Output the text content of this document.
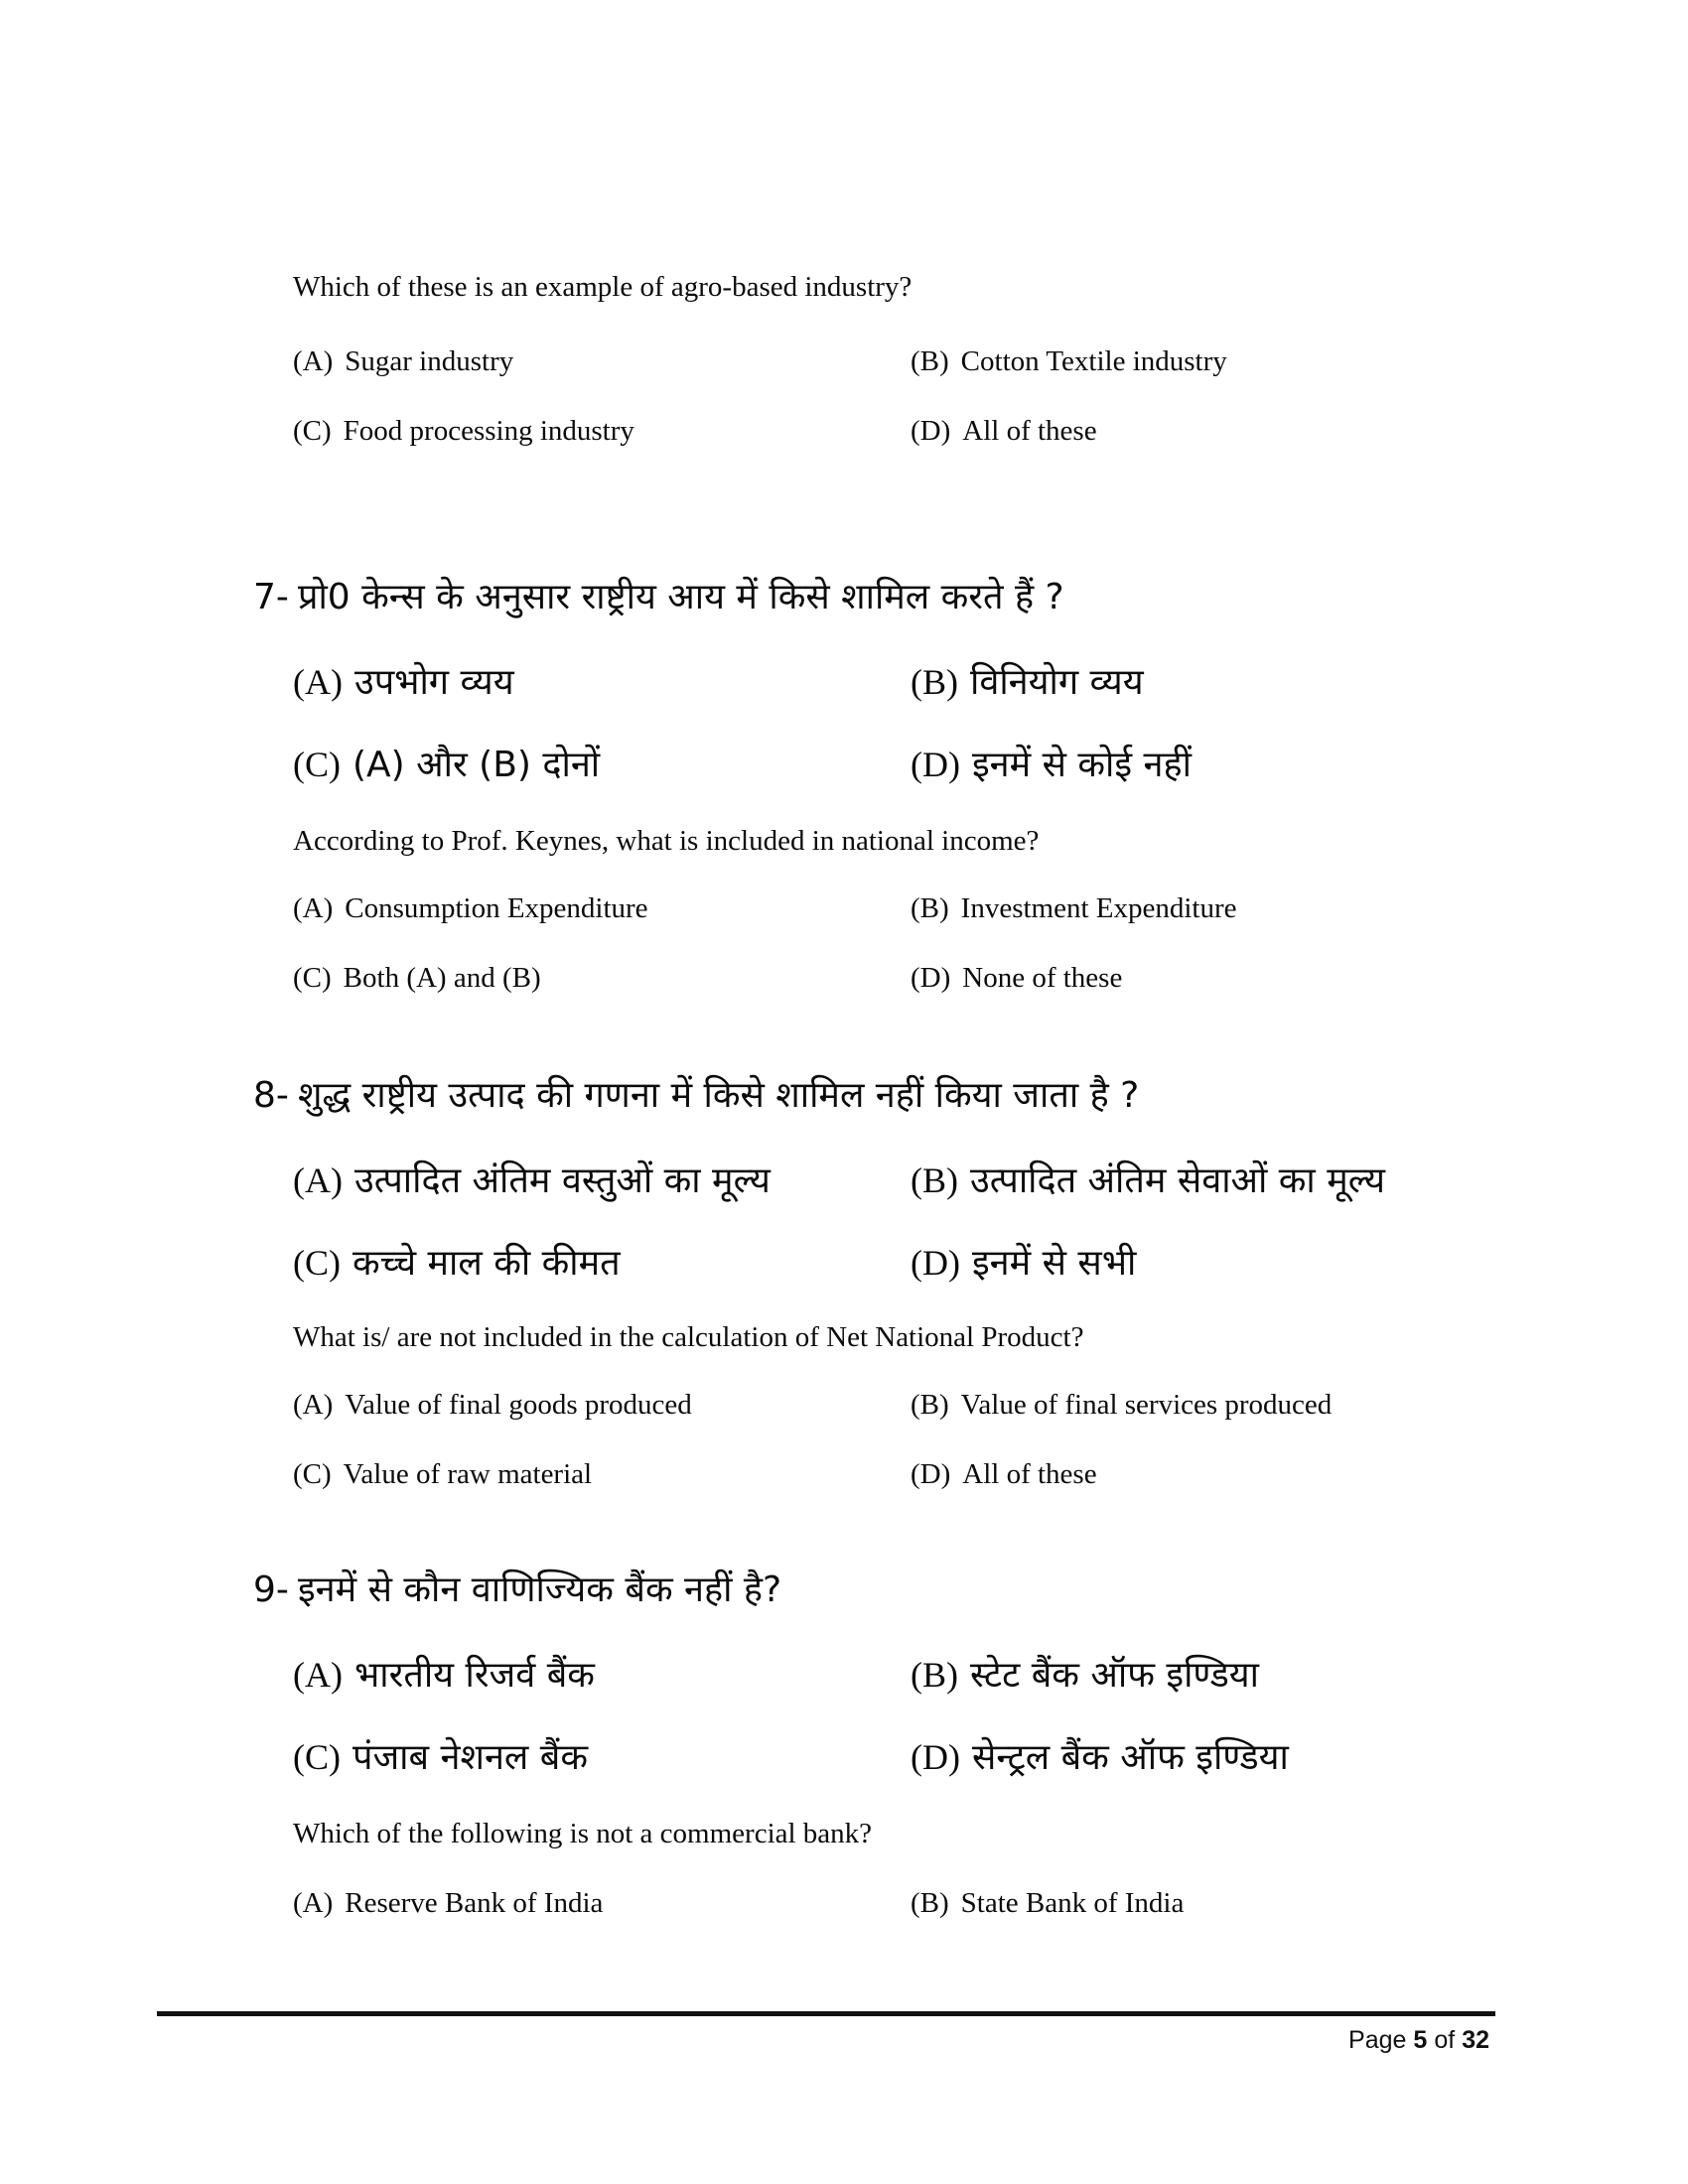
Which of these is an example of agro-based industry?
(A) Sugar industry	(B) Cotton Textile industry
(C) Food processing industry	(D) All of these
7- प्रो0 केन्स के अनुसार राष्ट्रीय आय में किसे शामिल करते हैं ?
(A) उपभोग व्यय	(B) विनियोग व्यय
(C) (A) और (B) दोनों	(D) इनमें से कोई नहीं
According to Prof. Keynes, what is included in national income?
(A) Consumption Expenditure	(B) Investment Expenditure
(C) Both (A) and (B)	(D) None of these
8- शुद्ध राष्ट्रीय उत्पाद की गणना में किसे शामिल नहीं किया जाता है ?
(A) उत्पादित अंतिम वस्तुओं का मूल्य	(B) उत्पादित अंतिम सेवाओं का मूल्य
(C) कच्चे माल की कीमत	(D) इनमें से सभी
What is/ are not included in the calculation of Net National Product?
(A) Value of final goods produced	(B) Value of final services produced
(C) Value of raw material	(D) All of these
9- इनमें से कौन वाणिज्यिक बैंक नहीं है?
(A) भारतीय रिजर्व बैंक	(B) स्टेट बैंक ऑफ इण्डिया
(C) पंजाब नेशनल बैंक	(D) सेन्ट्रल बैंक ऑफ इण्डिया
Which of the following is not a commercial bank?
(A) Reserve Bank of India	(B) State Bank of India
Page 5 of 32
